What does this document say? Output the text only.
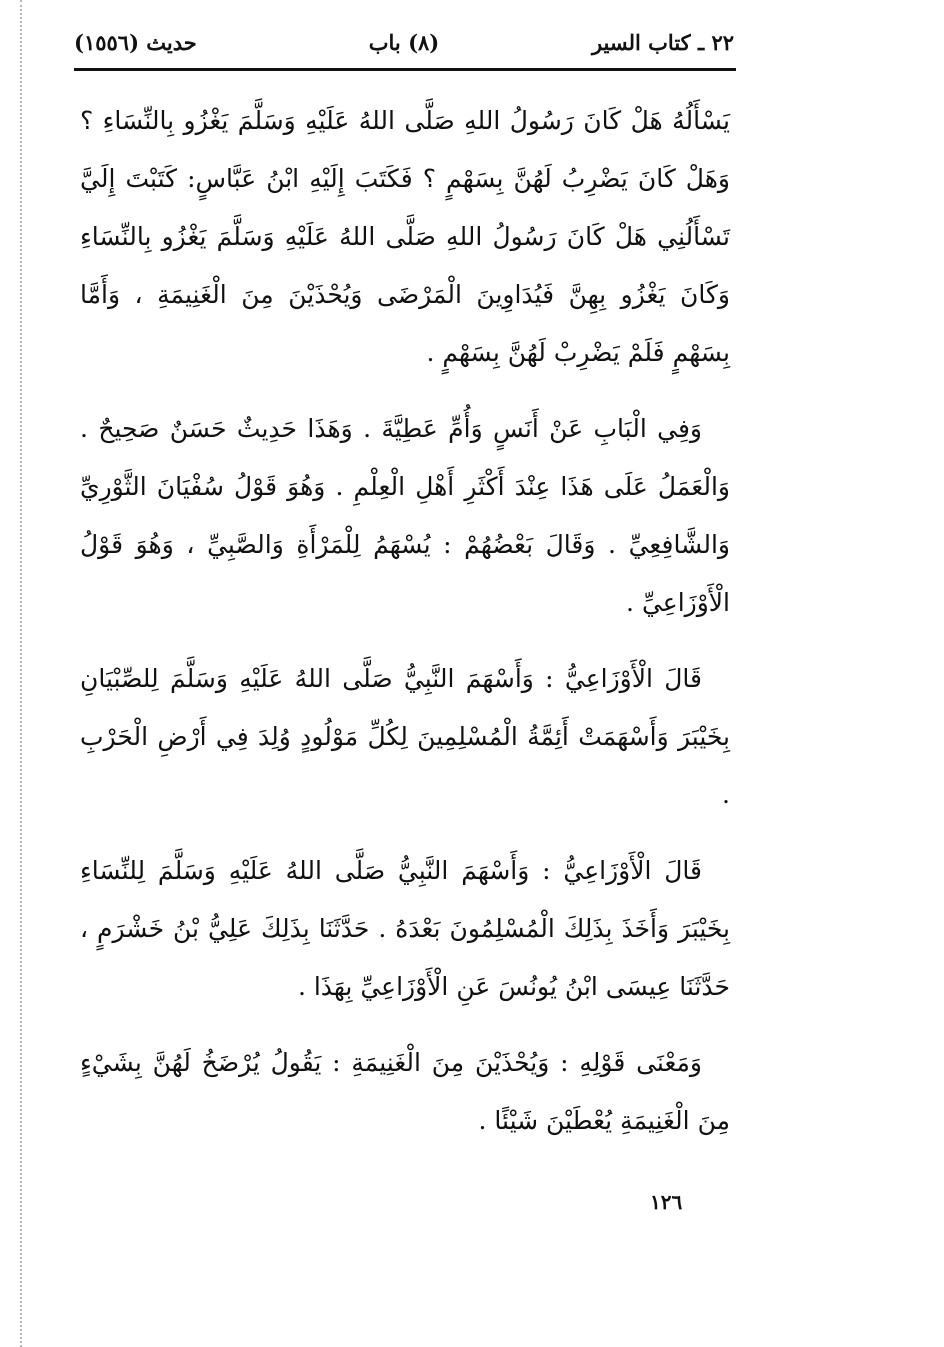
٢٢ ـ كتاب السير
(٨) باب
حديث (١٥٥٦)

يَسْأَلُهُ هَلْ كَانَ رَسُولُ اللهِ صَلَّى اللهُ عَلَيْهِ وَسَلَّمَ يَغْزُو بِالنِّسَاءِ ؟ وَهَلْ كَانَ يَضْرِبُ لَهُنَّ بِسَهْمٍ ؟ فَكَتَبَ إِلَيْهِ ابْنُ عَبَّاسٍ: كَتَبْتَ إِلَيَّ تَسْأَلُنِي هَلْ كَانَ رَسُولُ اللهِ صَلَّى اللهُ عَلَيْهِ وَسَلَّمَ يَغْزُو بِالنِّسَاءِ وَكَانَ يَغْزُو بِهِنَّ فَيُدَاوِينَ الْمَرْضَى وَيُحْذَيْنَ مِنَ الْغَنِيمَةِ ، وَأَمَّا بِسَهْمٍ فَلَمْ يَضْرِبْ لَهُنَّ بِسَهْمٍ .

وَفِي الْبَابِ عَنْ أَنَسٍ وَأُمِّ عَطِيَّةَ . وَهَذَا حَدِيثٌ حَسَنٌ صَحِيحٌ . وَالْعَمَلُ عَلَى هَذَا عِنْدَ أَكْثَرِ أَهْلِ الْعِلْمِ . وَهُوَ قَوْلُ سُفْيَانَ الثَّوْرِيِّ وَالشَّافِعِيِّ . وَقَالَ بَعْضُهُمْ : يُسْهَمُ لِلْمَرْأَةِ وَالصَّبِيِّ ، وَهُوَ قَوْلُ الْأَوْزَاعِيِّ .

قَالَ الْأَوْزَاعِيُّ : وَأَسْهَمَ النَّبِيُّ صَلَّى اللهُ عَلَيْهِ وَسَلَّمَ لِلصِّبْيَانِ بِخَيْبَرَ وَأَسْهَمَتْ أَئِمَّةُ الْمُسْلِمِينَ لِكُلِّ مَوْلُودٍ وُلِدَ فِي أَرْضِ الْحَرْبِ .

قَالَ الْأَوْزَاعِيُّ : وَأَسْهَمَ النَّبِيُّ صَلَّى اللهُ عَلَيْهِ وَسَلَّمَ لِلنِّسَاءِ بِخَيْبَرَ وَأَخَذَ بِذَلِكَ الْمُسْلِمُونَ بَعْدَهُ . حَدَّثَنَا بِذَلِكَ عَلِيُّ بْنُ خَشْرَمٍ ، حَدَّثَنَا عِيسَى ابْنُ يُونُسَ عَنِ الْأَوْزَاعِيِّ بِهَذَا .

وَمَعْنَى قَوْلِهِ : وَيُحْذَيْنَ مِنَ الْغَنِيمَةِ : يَقُولُ يُرْضَخُ لَهُنَّ بِشَيْءٍ مِنَ الْغَنِيمَةِ يُعْطَيْنَ شَيْئًا .

١٢٦
